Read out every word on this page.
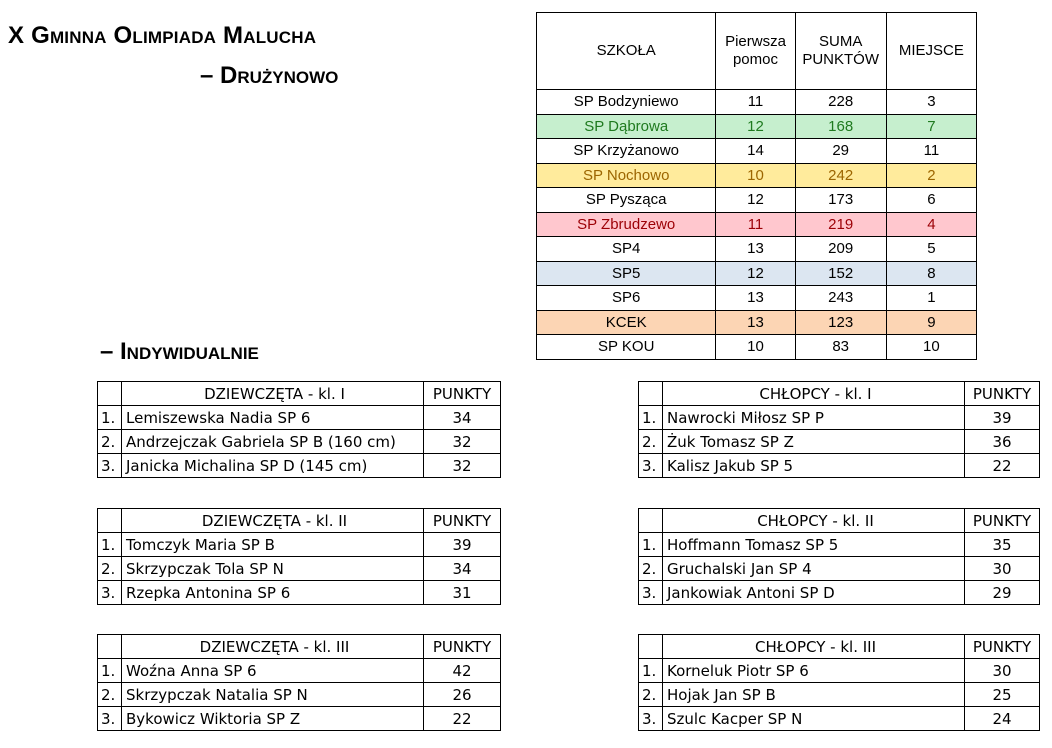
X Gminna Olimpiada Malucha
– Drużynowo
– Indywidualnie
SZKOŁA	Pierwsza pomoc	SUMA PUNKTÓW	MIEJSCE
SP Bodzyniewo	11	228	3
SP Dąbrowa	12	168	7
SP Krzyżanowo	14	29	11
SP Nochowo	10	242	2
SP Pysząca	12	173	6
SP Zbrudzewo	11	219	4
SP4	13	209	5
SP5	12	152	8
SP6	13	243	1
KCEK	13	123	9
SP KOU	10	83	10
	DZIEWCZĘTA - kl. I	PUNKTY
1.	Lemiszewska Nadia SP 6	34
2.	Andrzejczak Gabriela SP B (160 cm)	32
3.	Janicka Michalina SP D (145 cm)	32
	DZIEWCZĘTA - kl. II	PUNKTY
1.	Tomczyk Maria SP B	39
2.	Skrzypczak Tola SP N	34
3.	Rzepka Antonina SP 6	31
	DZIEWCZĘTA - kl. III	PUNKTY
1.	Woźna Anna SP 6	42
2.	Skrzypczak Natalia SP N	26
3.	Bykowicz Wiktoria SP Z	22
	CHŁOPCY - kl. I	PUNKTY
1.	Nawrocki Miłosz SP P	39
2.	Żuk Tomasz SP Z	36
3.	Kalisz Jakub SP 5	22
	CHŁOPCY - kl. II	PUNKTY
1.	Hoffmann Tomasz SP 5	35
2.	Gruchalski Jan SP 4	30
3.	Jankowiak Antoni SP D	29
	CHŁOPCY - kl. III	PUNKTY
1.	Korneluk Piotr SP 6	30
2.	Hojak Jan SP B	25
3.	Szulc Kacper SP N	24
